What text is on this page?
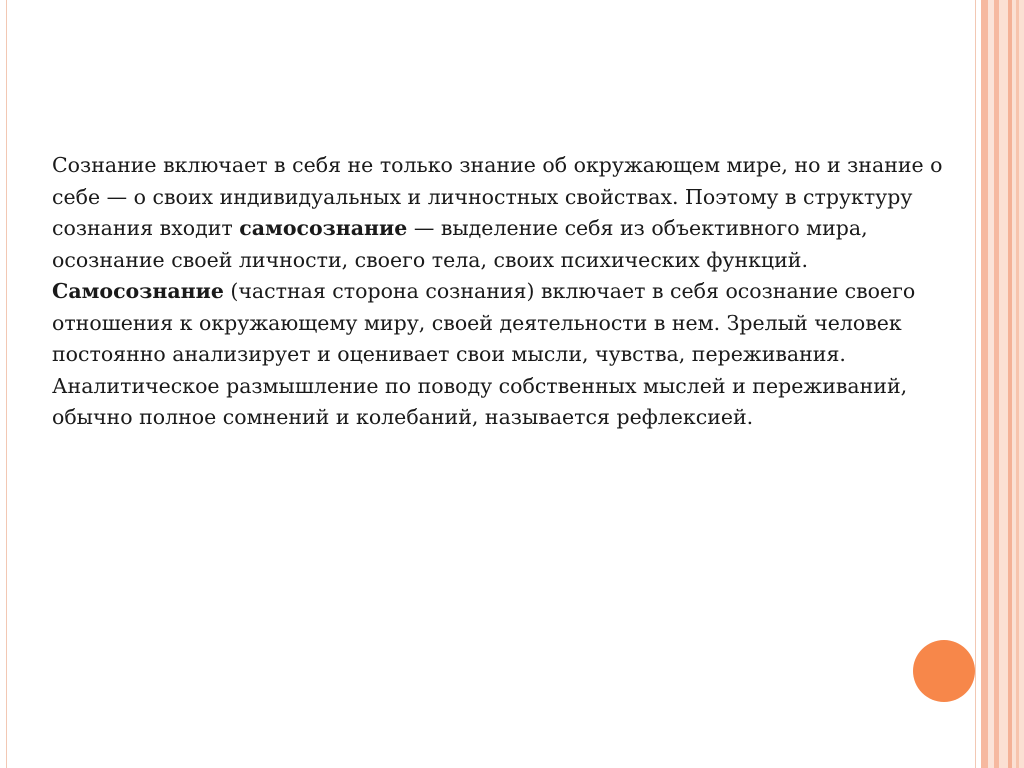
Сознание включает в себя не только знание об окружающем мире, но и знание о себе — о своих индивидуальных и личностных свойствах. Поэтому в структуру сознания входит самосознание — выделение себя из объективного мира, осознание своей личности, своего тела, своих психических функций.

Самосознание (частная сторона сознания) включает в себя осознание своего отношения к окружающему миру, своей деятельности в нем. Зрелый человек постоянно анализирует и оценивает свои мысли, чувства, переживания. Аналитическое размышление по поводу собственных мыслей и переживаний, обычно полное сомнений и колебаний, называется рефлексией.
